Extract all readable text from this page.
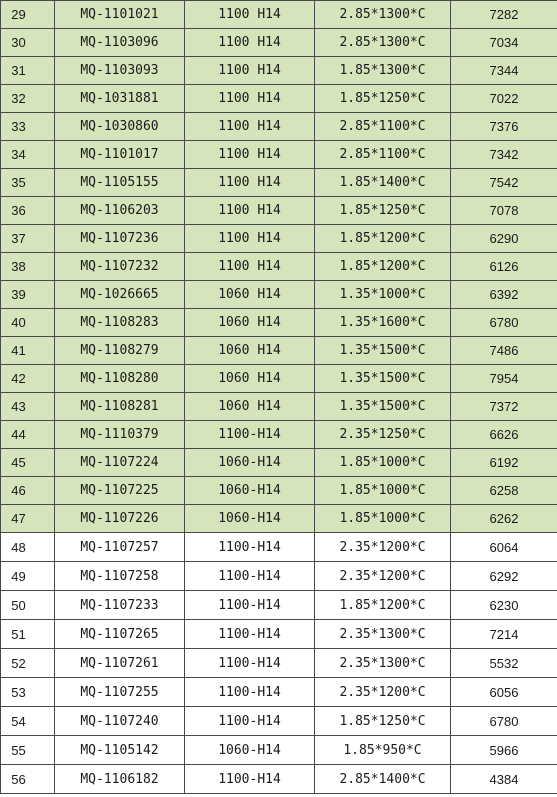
29	MQ-1101021	1100 H14	2.85*1300*C	7282
30	MQ-1103096	1100 H14	2.85*1300*C	7034
31	MQ-1103093	1100 H14	1.85*1300*C	7344
32	MQ-1031881	1100 H14	1.85*1250*C	7022
33	MQ-1030860	1100 H14	2.85*1100*C	7376
34	MQ-1101017	1100 H14	2.85*1100*C	7342
35	MQ-1105155	1100 H14	1.85*1400*C	7542
36	MQ-1106203	1100 H14	1.85*1250*C	7078
37	MQ-1107236	1100 H14	1.85*1200*C	6290
38	MQ-1107232	1100 H14	1.85*1200*C	6126
39	MQ-1026665	1060 H14	1.35*1000*C	6392
40	MQ-1108283	1060 H14	1.35*1600*C	6780
41	MQ-1108279	1060 H14	1.35*1500*C	7486
42	MQ-1108280	1060 H14	1.35*1500*C	7954
43	MQ-1108281	1060 H14	1.35*1500*C	7372
44	MQ-1110379	1100-H14	2.35*1250*C	6626
45	MQ-1107224	1060-H14	1.85*1000*C	6192
46	MQ-1107225	1060-H14	1.85*1000*C	6258
47	MQ-1107226	1060-H14	1.85*1000*C	6262
48	MQ-1107257	1100-H14	2.35*1200*C	6064
49	MQ-1107258	1100-H14	2.35*1200*C	6292
50	MQ-1107233	1100-H14	1.85*1200*C	6230
51	MQ-1107265	1100-H14	2.35*1300*C	7214
52	MQ-1107261	1100-H14	2.35*1300*C	5532
53	MQ-1107255	1100-H14	2.35*1200*C	6056
54	MQ-1107240	1100-H14	1.85*1250*C	6780
55	MQ-1105142	1060-H14	1.85*950*C	5966
56	MQ-1106182	1100-H14	2.85*1400*C	4384
